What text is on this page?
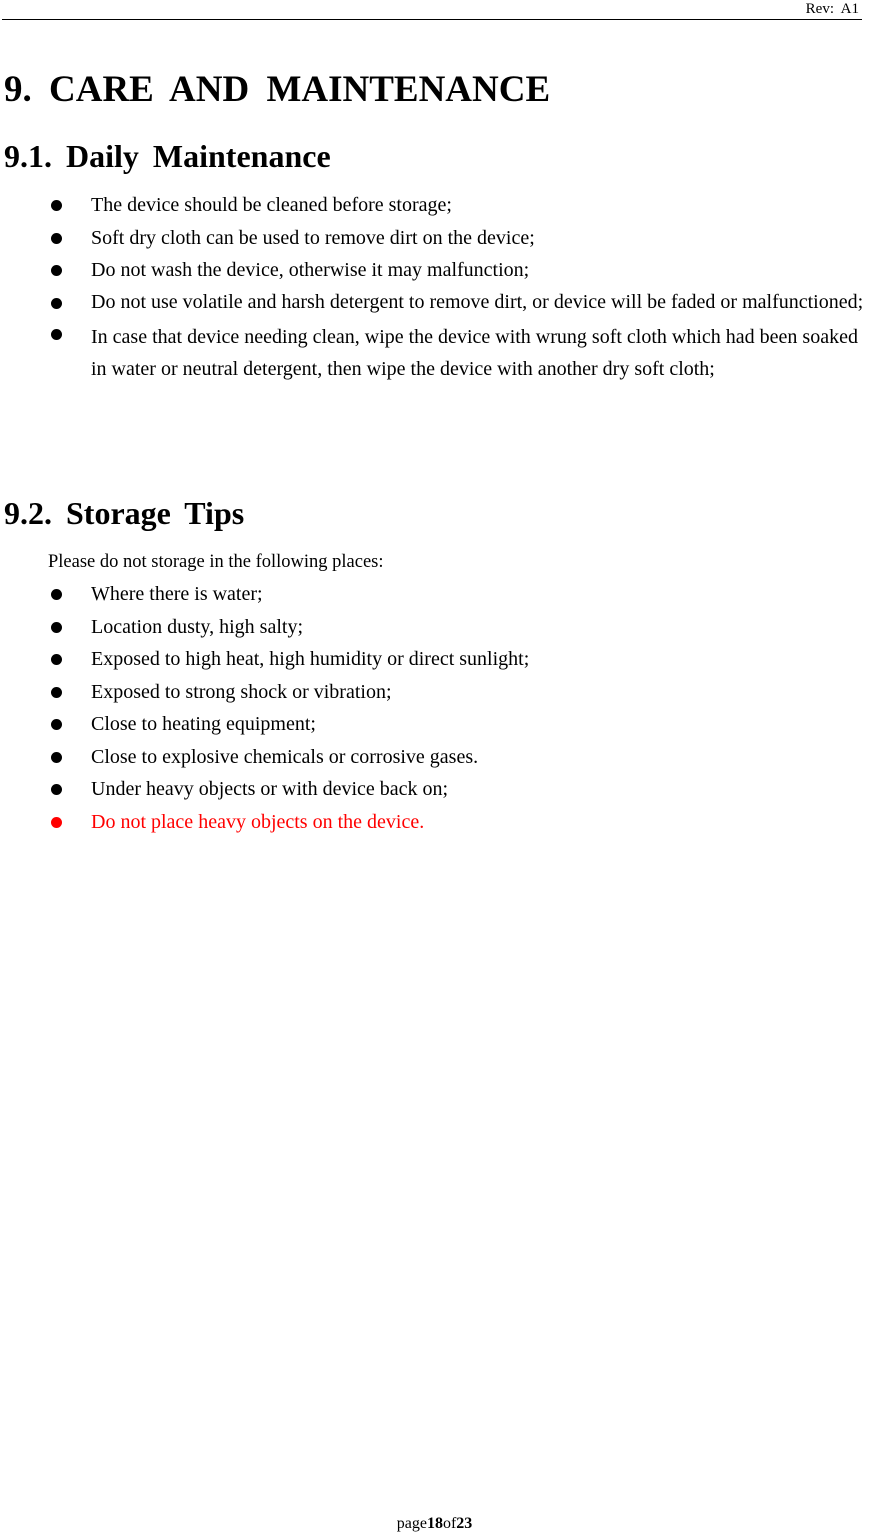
Rev:  A1
9. CARE AND MAINTENANCE
9.1. Daily Maintenance
The device should be cleaned before storage;
Soft dry cloth can be used to remove dirt on the device;
Do not wash the device, otherwise it may malfunction;
Do not use volatile and harsh detergent to remove dirt, or device will be faded or malfunctioned;
In case that device needing clean, wipe the device with wrung soft cloth which had been soaked in water or neutral detergent, then wipe the device with another dry soft cloth;
9.2. Storage Tips
Please do not storage in the following places:
Where there is water;
Location dusty, high salty;
Exposed to high heat, high humidity or direct sunlight;
Exposed to strong shock or vibration;
Close to heating equipment;
Close to explosive chemicals or corrosive gases.
Under heavy objects or with device back on;
Do not place heavy objects on the device.
page18of23
